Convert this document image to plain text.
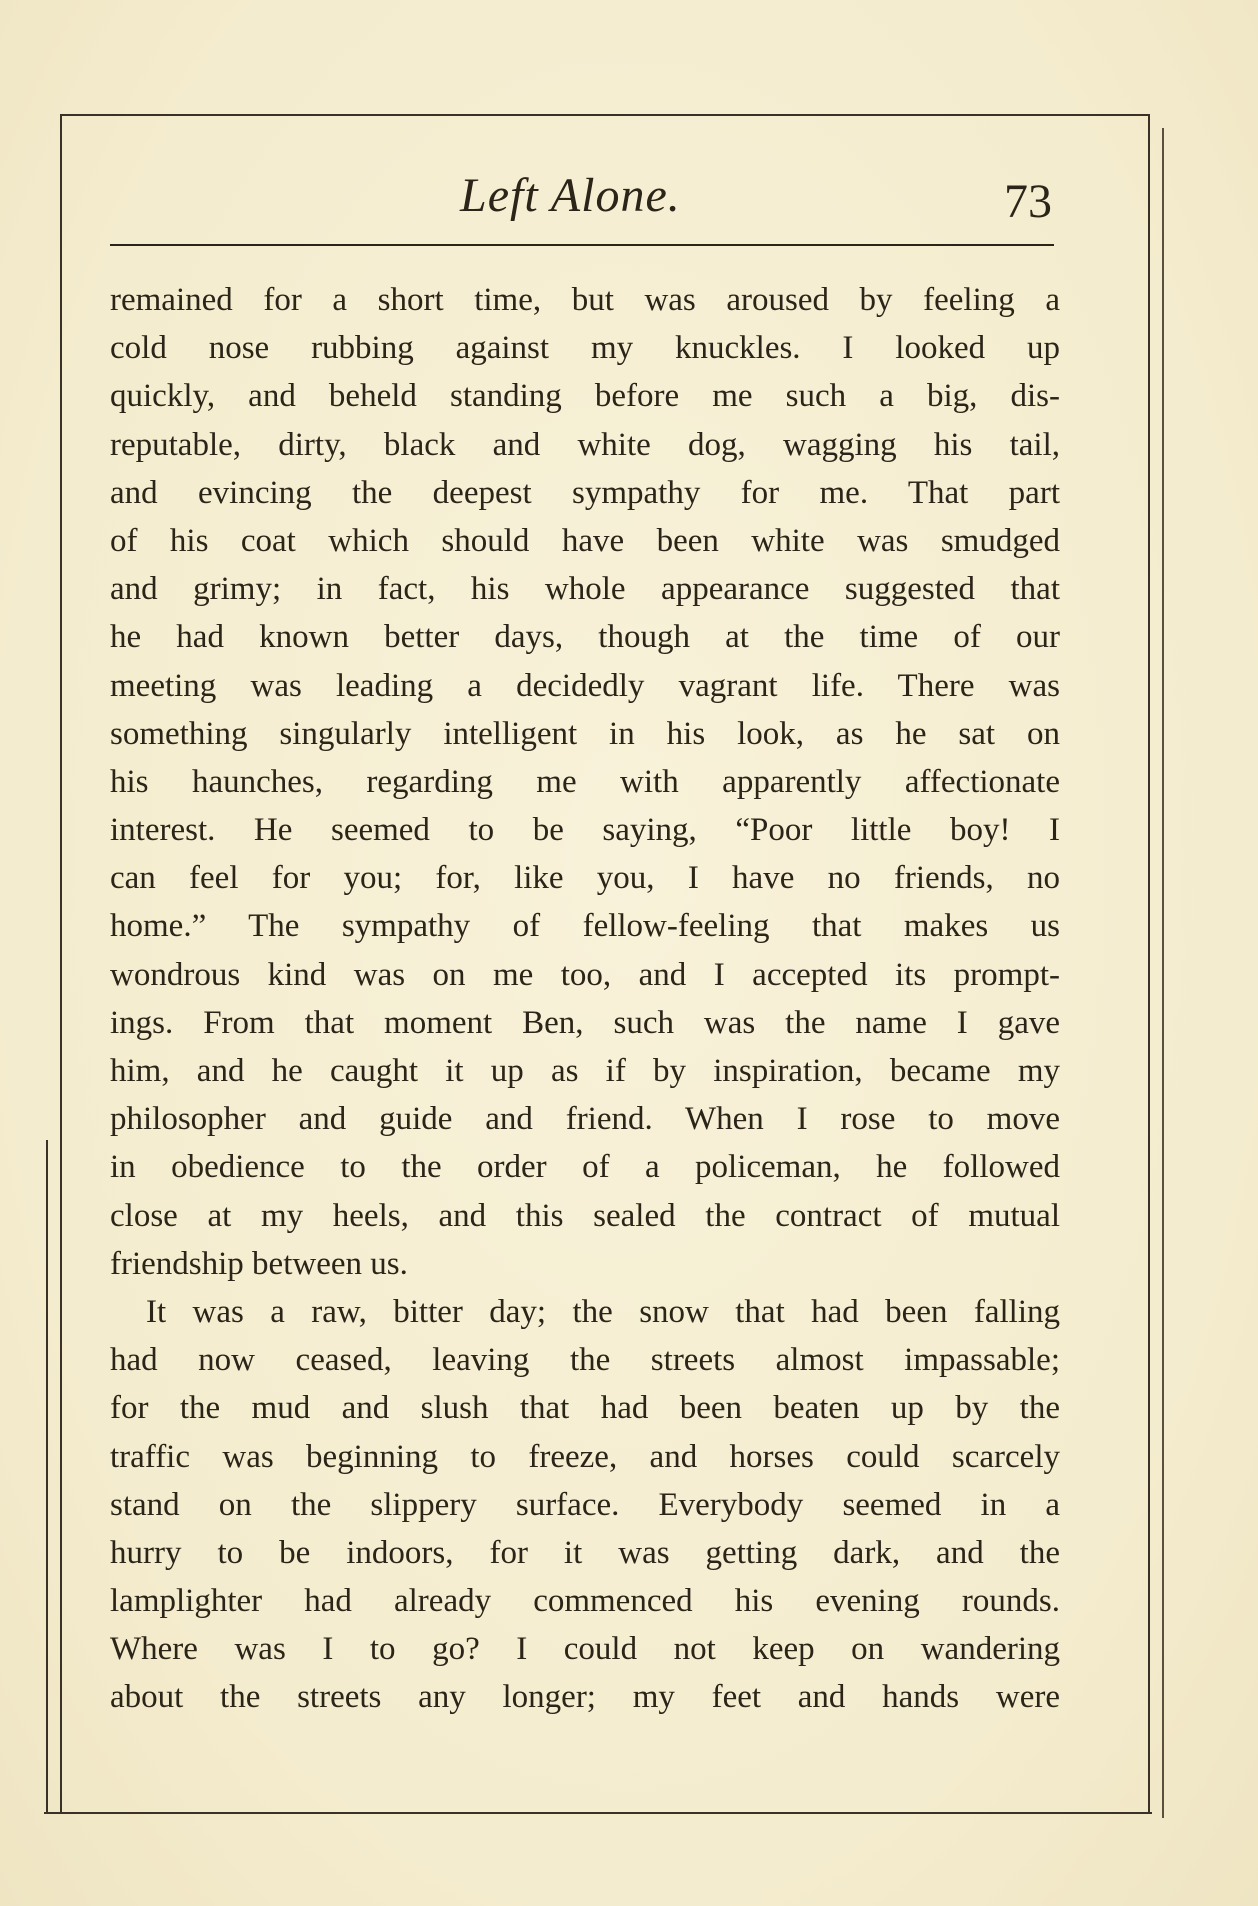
Left Alone.	73
remained for a short time, but was aroused by feeling a
cold nose rubbing against my knuckles. I looked up
quickly, and beheld standing before me such a big, dis-
reputable, dirty, black and white dog, wagging his tail,
and evincing the deepest sympathy for me. That part
of his coat which should have been white was smudged
and grimy; in fact, his whole appearance suggested that
he had known better days, though at the time of our
meeting was leading a decidedly vagrant life. There was
something singularly intelligent in his look, as he sat on
his haunches, regarding me with apparently affectionate
interest. He seemed to be saying, “Poor little boy! I
can feel for you; for, like you, I have no friends, no
home.” The sympathy of fellow-feeling that makes us
wondrous kind was on me too, and I accepted its prompt-
ings. From that moment Ben, such was the name I gave
him, and he caught it up as if by inspiration, became my
philosopher and guide and friend. When I rose to move
in obedience to the order of a policeman, he followed
close at my heels, and this sealed the contract of mutual
friendship between us.
It was a raw, bitter day; the snow that had been falling
had now ceased, leaving the streets almost impassable;
for the mud and slush that had been beaten up by the
traffic was beginning to freeze, and horses could scarcely
stand on the slippery surface. Everybody seemed in a
hurry to be indoors, for it was getting dark, and the
lamplighter had already commenced his evening rounds.
Where was I to go? I could not keep on wandering
about the streets any longer; my feet and hands were
